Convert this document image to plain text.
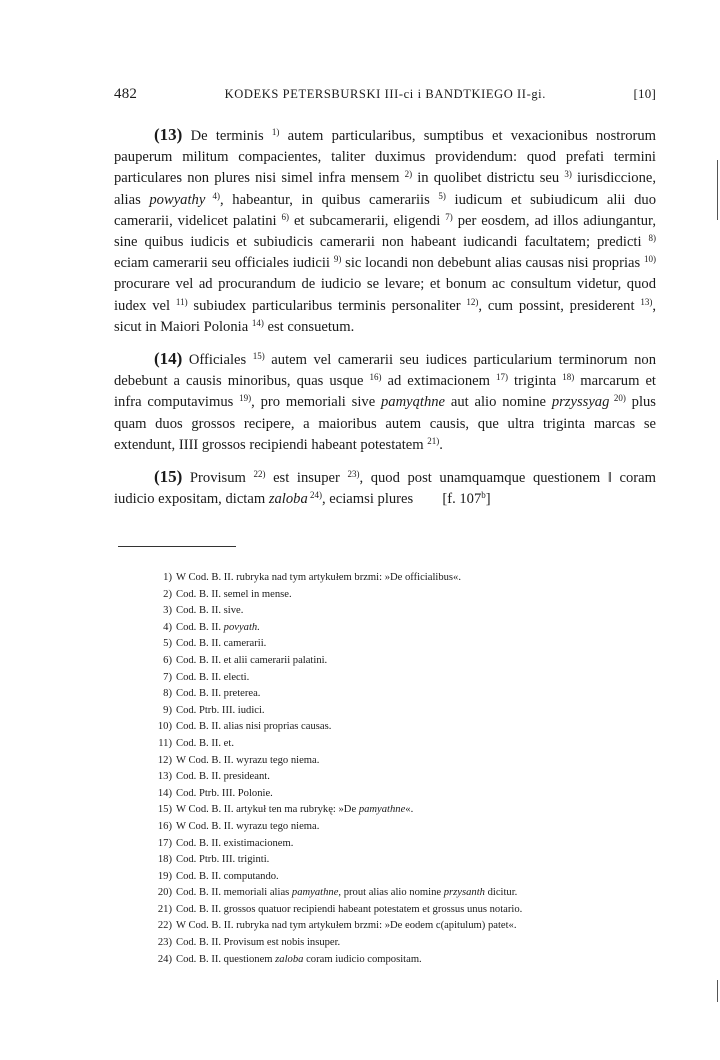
482	KODEKS PETERSBURSKI III-ci i BANDTKIEGO II-gi.	[10]

(13) De terminis $^{1)}$ autem particularibus, sumptibus et vexacionibus nostrorum pauperum militum compacientes, taliter duximus providendum: quod prefati termini particulares non plures nisi simel infra mensem $^{2)}$ in quolibet districtu seu $^{3)}$ iurisdiccione, alias powyathy $^{4)}$, habeantur, in quibus camerariis $^{5)}$ iudicum et subiudicum alii duo camerarii, videlicet palatini $^{6)}$ et subcamerarii, eligendi $^{7)}$ per eosdem, ad illos adiungantur, sine quibus iudicis et subiudicis camerarii non habeant iudicandi facultatem; predicti $^{8)}$ eciam camerarii seu officiales iudicii $^{9)}$ sic locandi non debebunt alias causas nisi proprias $^{10)}$ procurare vel ad procurandum de iudicio se levare; et bonum ac consultum videtur, quod iudex vel $^{11)}$ subiudex particularibus terminis personaliter $^{12)}$, cum possint, presiderent $^{13)}$, sicut in Maiori Polonia $^{14)}$ est consuetum.

(14) Officiales $^{15)}$ autem vel camerarii seu iudices particularium terminorum non debebunt a causis minoribus, quas usque $^{16)}$ ad extimacionem $^{17)}$ triginta $^{18)}$ marcarum et infra computavimus $^{19)}$, pro memoriali sive pamyąthne aut alio nomine przyssyag $^{20)}$ plus quam duos grossos recipere, a maioribus autem causis, que ultra triginta marcas se extendunt, IIII grossos recipiendi habeant potestatem $^{21)}$.

(15) Provisum $^{22)}$ est insuper $^{23)}$, quod post unamquamque questionem ‖ coram iudicio expositam, dictam zaloba $^{24)}$, eciamsi plures  [f. 107$^b$]

1) W Cod. B. II. rubryka nad tym artykułem brzmi: »De officialibus«.
2) Cod. B. II. semel in mense.
3) Cod. B. II. sive.
4) Cod. B. II. povyath.
5) Cod. B. II. camerarii.
6) Cod. B. II. et alii camerarii palatini.
7) Cod. B. II. electi.
8) Cod. B. II. preterea.
9) Cod. Ptrb. III. iudici.
10) Cod. B. II. alias nisi proprias causas.
11) Cod. B. II. et.
12) W Cod. B. II. wyrazu tego niema.
13) Cod. B. II. presideant.
14) Cod. Ptrb. III. Polonie.
15) W Cod. B. II. artykuł ten ma rubrykę: »De pamyathne«.
16) W Cod. B. II. wyrazu tego niema.
17) Cod. B. II. existimacionem.
18) Cod. Ptrb. III. triginti.
19) Cod. B. II. computando.
20) Cod. B. II. memoriali alias pamyathne, prout alias alio nomine przysanth dicitur.
21) Cod. B. II. grossos quatuor recipiendi habeant potestatem et grossus unus notario.
22) W Cod. B. II. rubryka nad tym artykułem brzmi: »De eodem c(apitulum) patet«.
23) Cod. B. II. Provisum est nobis insuper.
24) Cod. B. II. questionem zaloba coram iudicio compositam.
